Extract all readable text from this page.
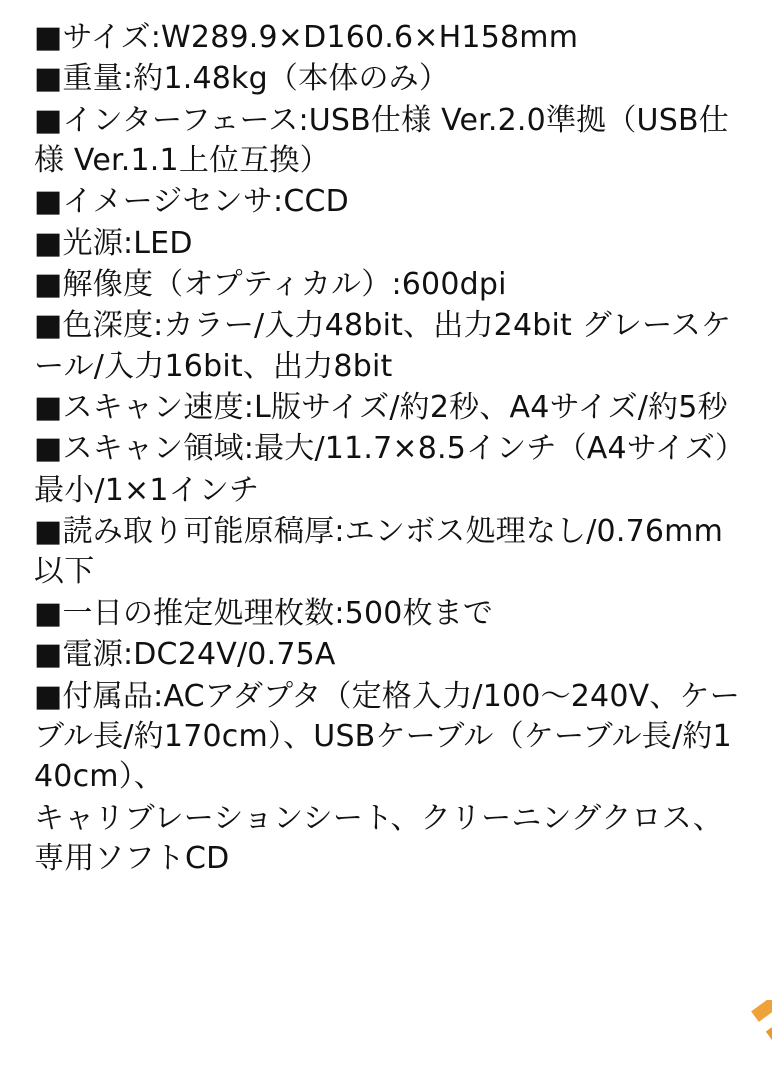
■サイズ:W289.9×D160.6×H158mm
■重量:約1.48kg（本体のみ）
■インターフェース:USB仕様 Ver.2.0準拠（USB仕様 Ver.1.1上位互換）
■イメージセンサ:CCD
■光源:LED
■解像度（オプティカル）:600dpi
■色深度:カラー/入力48bit、出力24bit グレースケール/入力16bit、出力8bit
■スキャン速度:L版サイズ/約2秒、A4サイズ/約5秒
■スキャン領域:最大/11.7×8.5インチ（A4サイズ）
最小/1×1インチ
■読み取り可能原稿厚:エンボス処理なし/0.76mm以下
■一日の推定処理枚数:500枚まで
■電源:DC24V/0.75A
■付属品:ACアダプタ（定格入力/100〜240V、ケーブル長/約170cm）、USBケーブル（ケーブル長/約140cm）、
キャリブレーションシート、クリーニングクロス、専用ソフトCD
